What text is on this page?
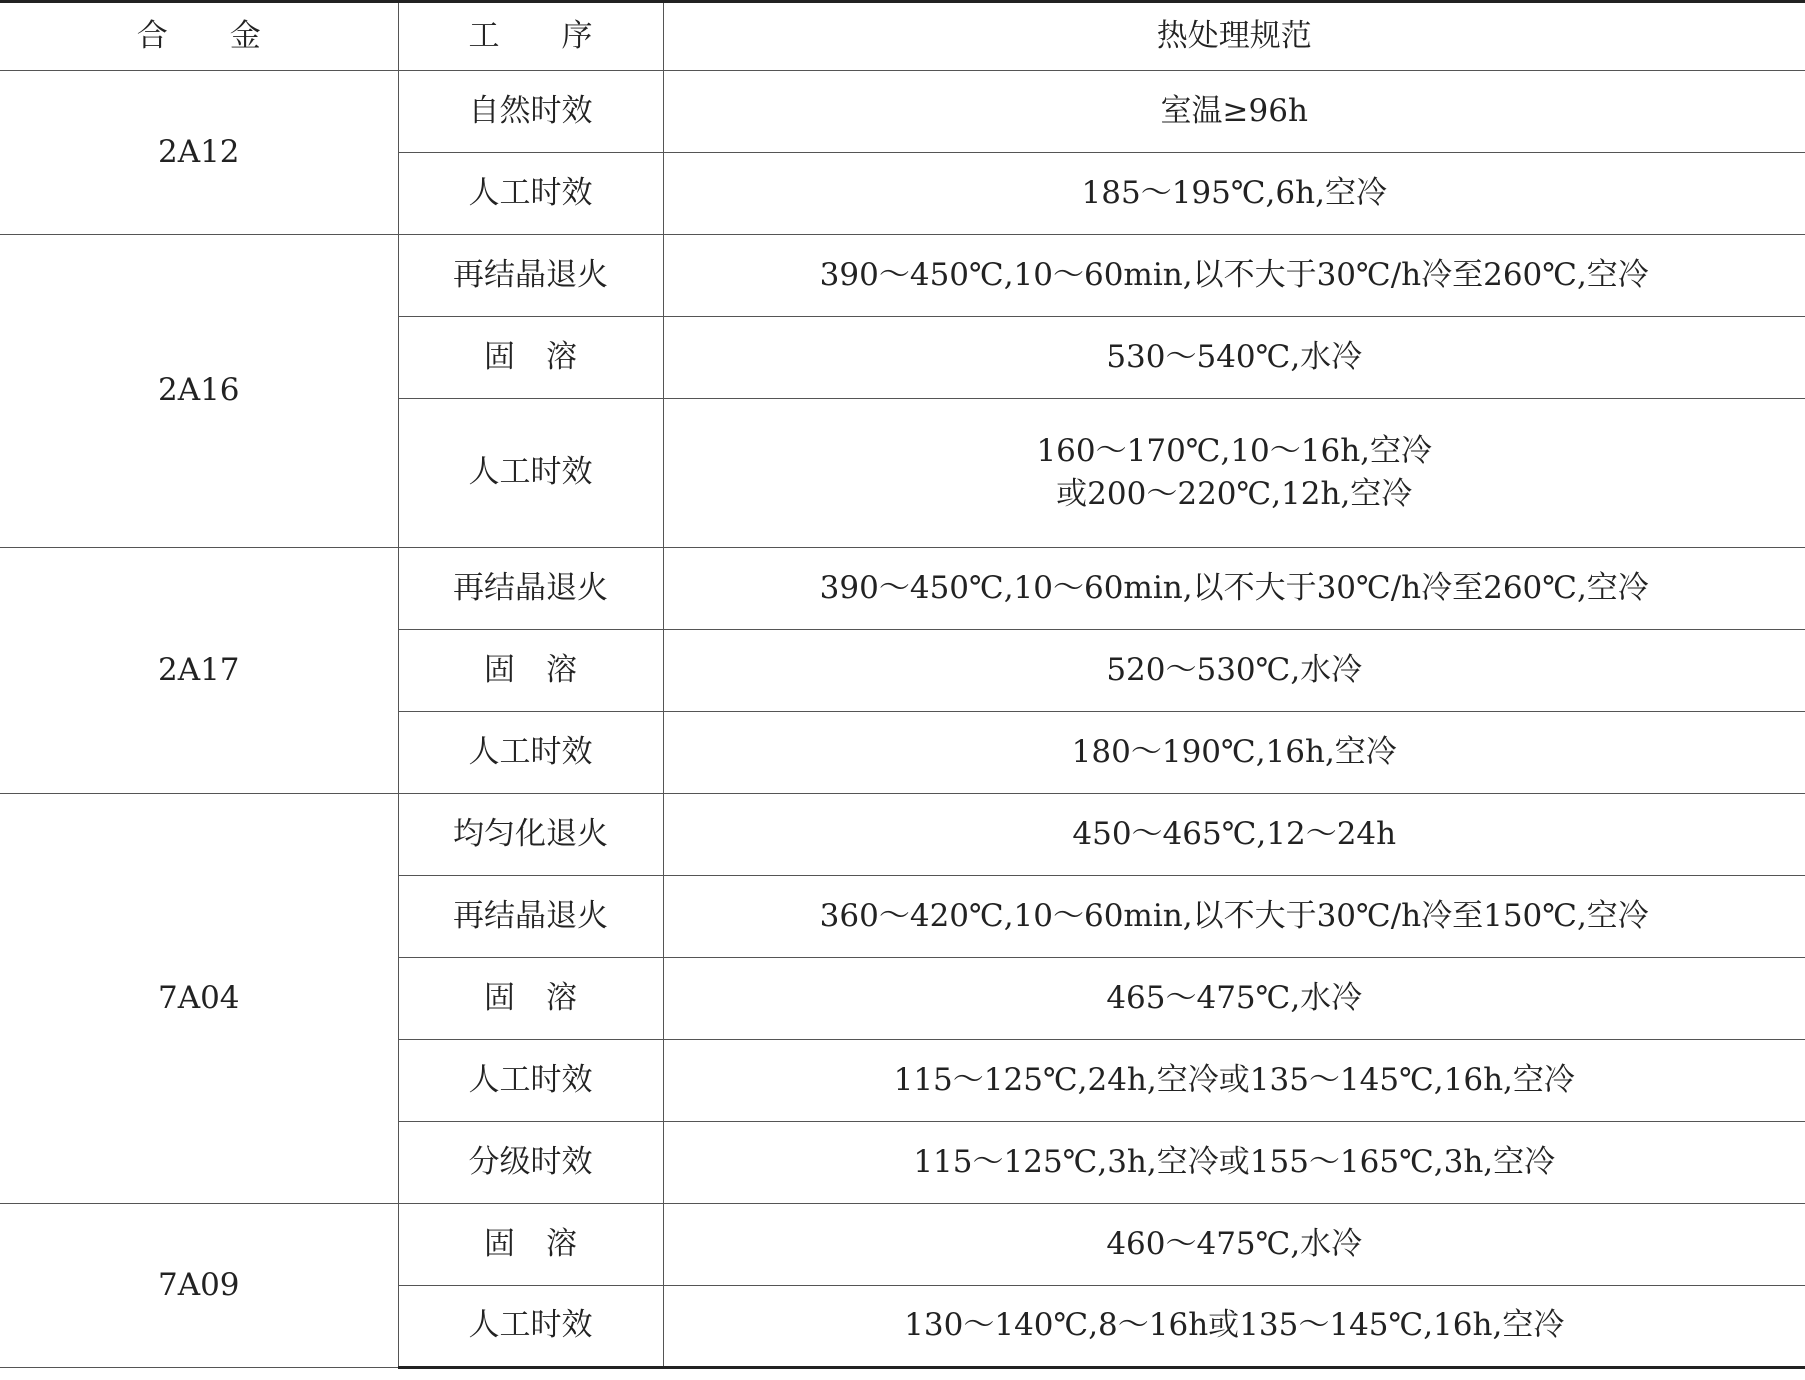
合　　金	工　　序	热处理规范
2A12	自然时效	室温≥96h

	人工时效	185～195℃,6h,空冷

2A16	再结晶退火	390～450℃,10～60min,以不大于30℃/h冷至260℃,空冷

	固　溶	530～540℃,水冷

	人工时效	160～170℃,10～16h,空冷
或200～220℃,12h,空冷

2A17	再结晶退火	390～450℃,10～60min,以不大于30℃/h冷至260℃,空冷

	固　溶	520～530℃,水冷

	人工时效	180～190℃,16h,空冷

7A04	均匀化退火	450～465℃,12～24h

	再结晶退火	360～420℃,10～60min,以不大于30℃/h冷至150℃,空冷

	固　溶	465～475℃,水冷

	人工时效	115～125℃,24h,空冷或135～145℃,16h,空冷

	分级时效	115～125℃,3h,空冷或155～165℃,3h,空冷

7A09	固　溶	460～475℃,水冷

	人工时效	130～140℃,8～16h或135～145℃,16h,空冷
